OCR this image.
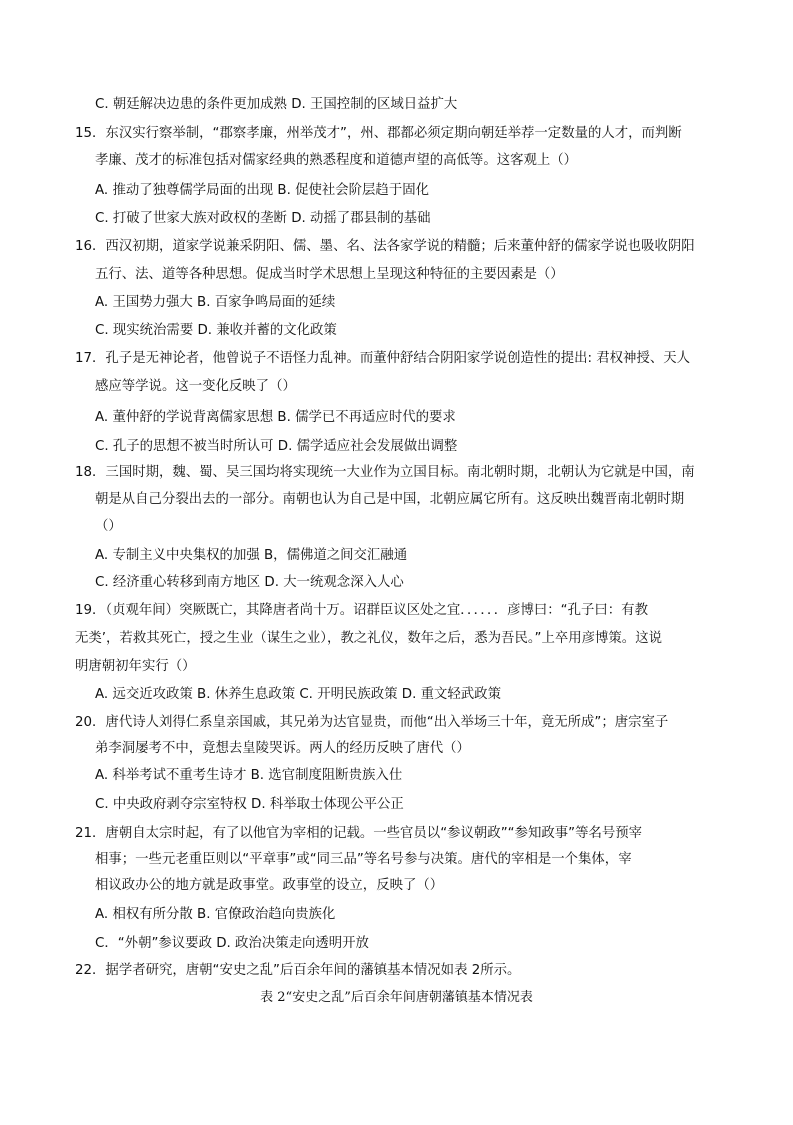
C. 朝廷解决边患的条件更加成熟 D. 王国控制的区域日益扩大
15．东汉实行察举制，“郡察孝廉，州举茂才”，州、郡都必须定期向朝廷举荐一定数量的人才，而判断
孝廉、茂才的标准包括对儒家经典的熟悉程度和道德声望的高低等。这客观上（）
A. 推动了独尊儒学局面的出现 B. 促使社会阶层趋于固化
C. 打破了世家大族对政权的垄断 D. 动摇了郡县制的基础
16．西汉初期，道家学说兼采阴阳、儒、墨、名、法各家学说的精髓；后来董仲舒的儒家学说也吸收阴阳
五行、法、道等各种思想。促成当时学术思想上呈现这种特征的主要因素是（）
A. 王国势力强大 B. 百家争鸣局面的延续
C. 现实统治需要 D. 兼收并蓄的文化政策
17．孔子是无神论者，他曾说子不语怪力乱神。而董仲舒结合阴阳家学说创造性的提出: 君权神授、天人
感应等学说。这一变化反映了（）
A. 董仲舒的学说背离儒家思想 B. 儒学已不再适应时代的要求
C. 孔子的思想不被当时所认可 D. 儒学适应社会发展做出调整
18．三国时期，魏、蜀、吴三国均将实现统一大业作为立国目标。南北朝时期，北朝认为它就是中国，南
朝是从自己分裂出去的一部分。南朝也认为自己是中国，北朝应属它所有。这反映出魏晋南北朝时期
（）
A. 专制主义中央集权的加强 B，儒佛道之间交汇融通
C. 经济重心转移到南方地区 D. 大一统观念深入人心
19．（贞观年间）突厥既亡，其降唐者尚十万。诏群臣议区处之宜．．．．．．彦博曰：“孔子曰：有教
无类’，若救其死亡，授之生业（谋生之业），教之礼仪，数年之后，悉为吾民。”上卒用彦博策。这说
明唐朝初年实行（）
A. 远交近攻政策 B. 休养生息政策 C. 开明民族政策 D. 重文轻武政策
20．唐代诗人刘得仁系皇亲国戚，其兄弟为达官显贵，而他“出入举场三十年，竟无所成”；唐宗室子
弟李洞屡考不中，竟想去皇陵哭诉。两人的经历反映了唐代（）
A. 科举考试不重考生诗才 B. 选官制度阻断贵族入仕
C. 中央政府剥夺宗室特权 D. 科举取士体现公平公正
21．唐朝自太宗时起，有了以他官为宰相的记载。一些官员以“参议朝政”“参知政事”等名号预宰
相事；一些元老重臣则以“平章事”或“同三品”等名号参与决策。唐代的宰相是一个集体，宰
相议政办公的地方就是政事堂。政事堂的设立，反映了（）
A. 相权有所分散 B. 官僚政治趋向贵族化
C．“外朝”参议要政 D. 政治决策走向透明开放
22．据学者研究，唐朝“安史之乱”后百余年间的藩镇基本情况如表 2所示。
表 2“安史之乱”后百余年间唐朝藩镇基本情况表
